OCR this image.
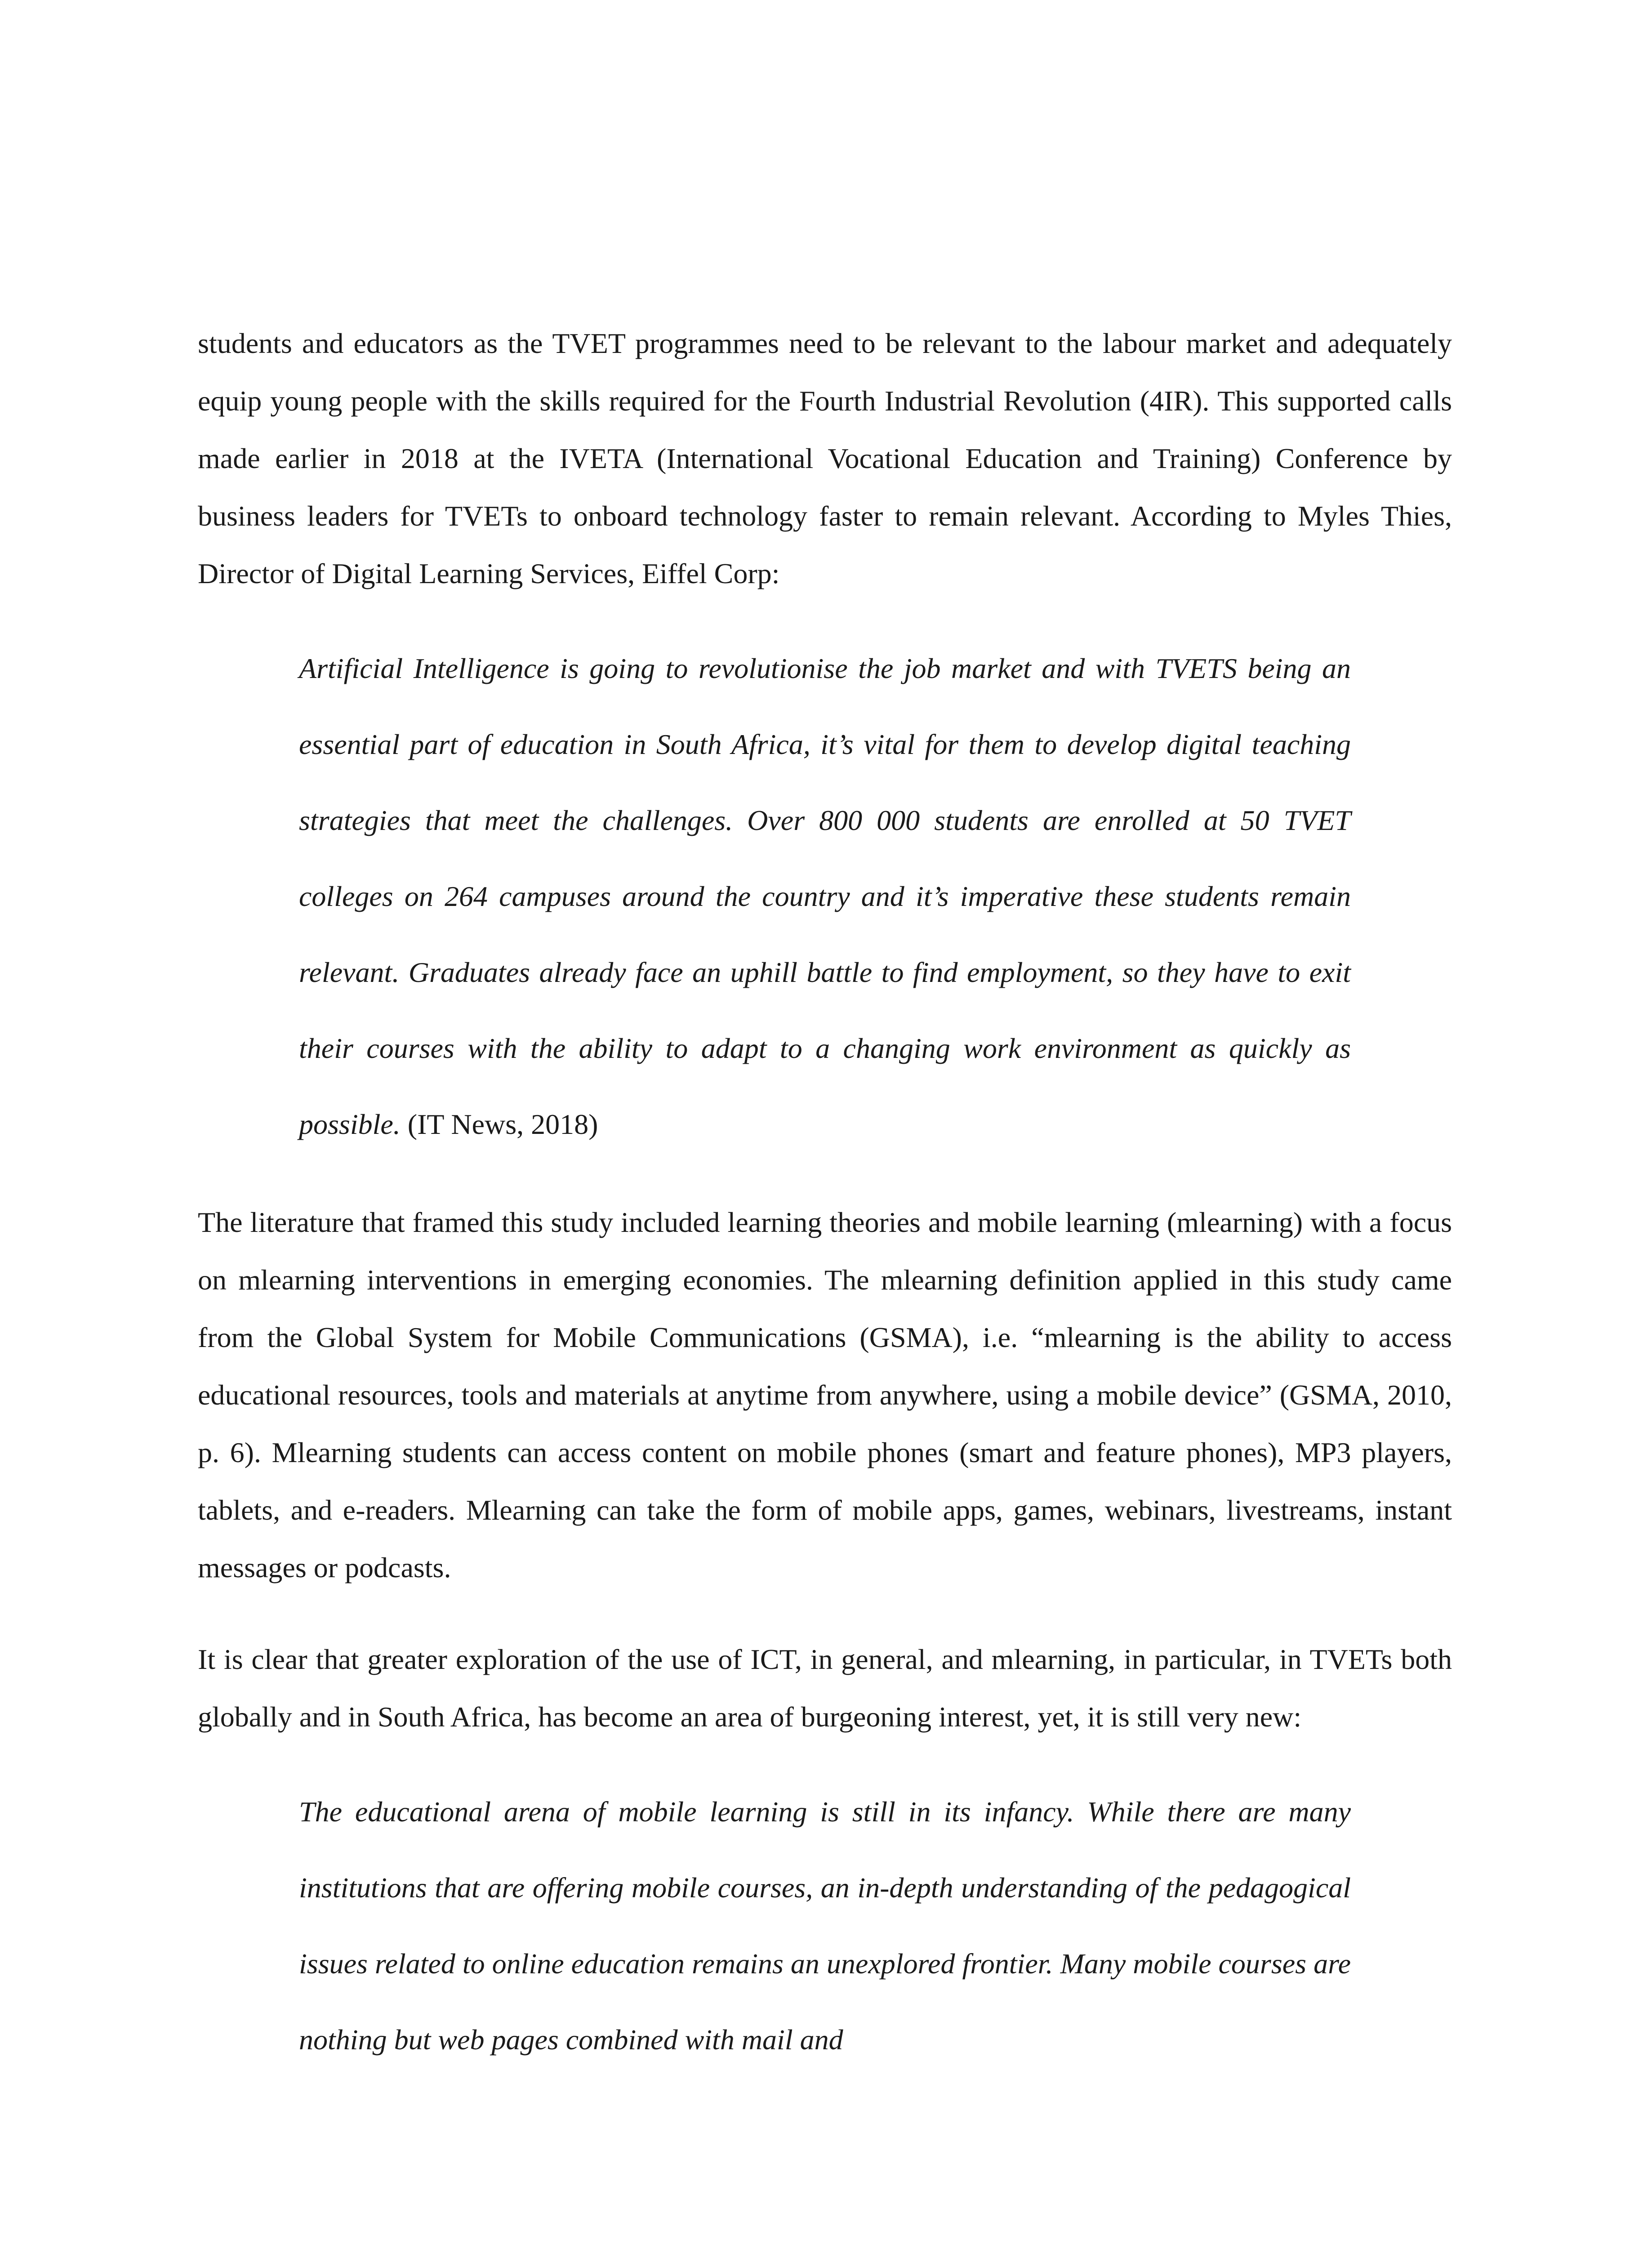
students and educators as the TVET programmes need to be relevant to the labour market and adequately equip young people with the skills required for the Fourth Industrial Revolution (4IR). This supported calls made earlier in 2018 at the IVETA (International Vocational Education and Training) Conference by business leaders for TVETs to onboard technology faster to remain relevant. According to Myles Thies, Director of Digital Learning Services, Eiffel Corp:

Artificial Intelligence is going to revolutionise the job market and with TVETS being an essential part of education in South Africa, it’s vital for them to develop digital teaching strategies that meet the challenges. Over 800 000 students are enrolled at 50 TVET colleges on 264 campuses around the country and it’s imperative these students remain relevant. Graduates already face an uphill battle to find employment, so they have to exit their courses with the ability to adapt to a changing work environment as quickly as possible. (IT News, 2018)

The literature that framed this study included learning theories and mobile learning (mlearning) with a focus on mlearning interventions in emerging economies. The mlearning definition applied in this study came from the Global System for Mobile Communications (GSMA), i.e. “mlearning is the ability to access educational resources, tools and materials at anytime from anywhere, using a mobile device” (GSMA, 2010, p. 6). Mlearning students can access content on mobile phones (smart and feature phones), MP3 players, tablets, and e-readers. Mlearning can take the form of mobile apps, games, webinars, livestreams, instant messages or podcasts.

It is clear that greater exploration of the use of ICT, in general, and mlearning, in particular, in TVETs both globally and in South Africa, has become an area of burgeoning interest, yet, it is still very new:

The educational arena of mobile learning is still in its infancy. While there are many institutions that are offering mobile courses, an in-depth understanding of the pedagogical issues related to online education remains an unexplored frontier. Many mobile courses are nothing but web pages combined with mail and
